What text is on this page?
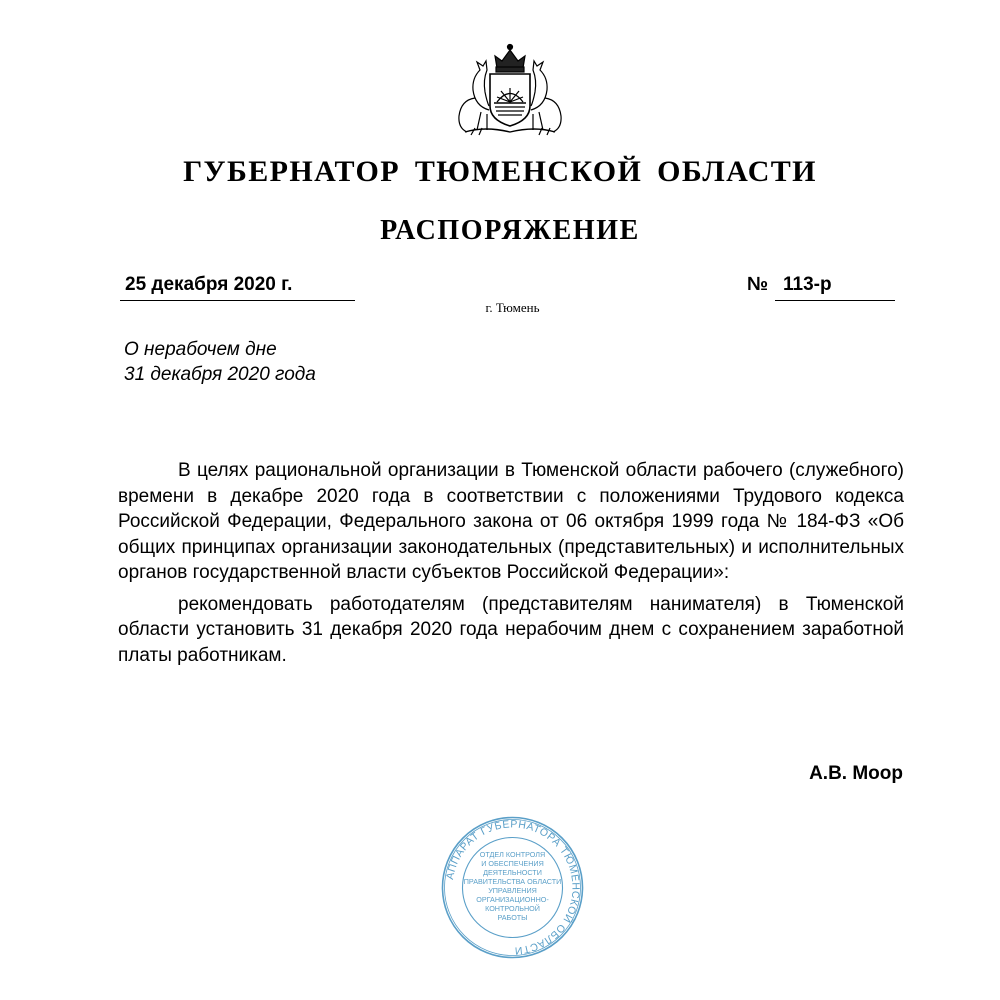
ГУБЕРНАТОР ТЮМЕНСКОЙ ОБЛАСТИ
РАСПОРЯЖЕНИЕ
25 декабря 2020 г.	№ 113-р
г. Тюмень
О нерабочем дне
31 декабря 2020 года

В целях рациональной организации в Тюменской области рабочего (служебного) времени в декабре 2020 года в соответствии с положениями Трудового кодекса Российской Федерации, Федерального закона от 06 октября 1999 года № 184-ФЗ «Об общих принципах организации законодательных (представительных) и исполнительных органов государственной власти субъектов Российской Федерации»:

рекомендовать работодателям (представителям нанимателя) в Тюменской области установить 31 декабря 2020 года нерабочим днем с сохранением заработной платы работникам.

А.В. Моор
АППАРАТ ГУБЕРНАТОРА ТЮМЕНСКОЙ ОБЛАСТИ
ОТДЕЛ КОНТРОЛЯ
И ОБЕСПЕЧЕНИЯ
ДЕЯТЕЛЬНОСТИ
ПРАВИТЕЛЬСТВА ОБЛАСТИ
УПРАВЛЕНИЯ
ОРГАНИЗАЦИОННО-
КОНТРОЛЬНОЙ
РАБОТЫ
